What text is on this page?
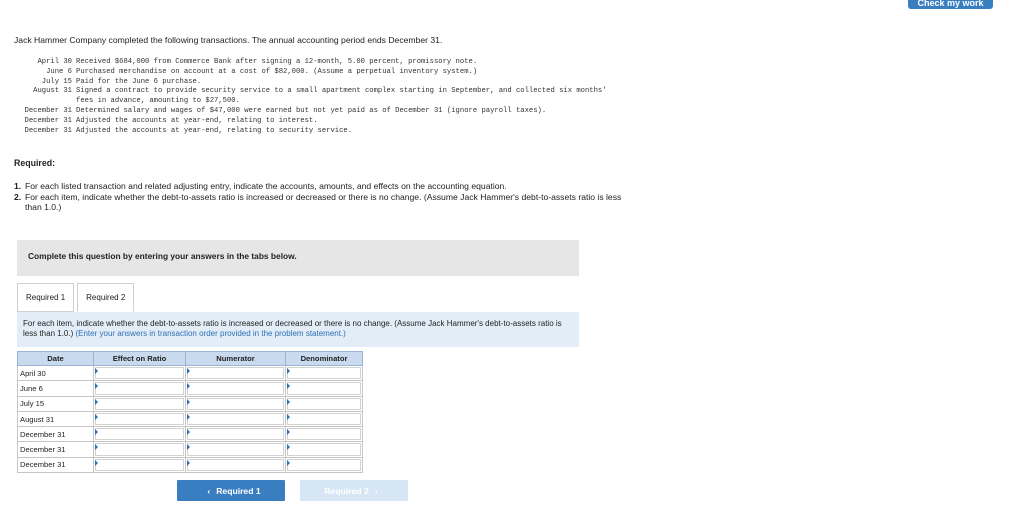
Check my work
Jack Hammer Company completed the following transactions. The annual accounting period ends December 31.
April 30 Received $684,000 from Commerce Bank after signing a 12-month, 5.00 percent, promissory note.
June 6 Purchased merchandise on account at a cost of $82,000. (Assume a perpetual inventory system.)
July 15 Paid for the June 6 purchase.
August 31 Signed a contract to provide security service to a small apartment complex starting in September, and collected six months' fees in advance, amounting to $27,500.
December 31 Determined salary and wages of $47,000 were earned but not yet paid as of December 31 (ignore payroll taxes).
December 31 Adjusted the accounts at year-end, relating to interest.
December 31 Adjusted the accounts at year-end, relating to security service.
Required:
1. For each listed transaction and related adjusting entry, indicate the accounts, amounts, and effects on the accounting equation.
2. For each item, indicate whether the debt-to-assets ratio is increased or decreased or there is no change. (Assume Jack Hammer's debt-to-assets ratio is less than 1.0.)
Complete this question by entering your answers in the tabs below.
Required 1	Required 2
For each item, indicate whether the debt-to-assets ratio is increased or decreased or there is no change. (Assume Jack Hammer's debt-to-assets ratio is less than 1.0.) (Enter your answers in transaction order provided in the problem statement.)
Date	Effect on Ratio	Numerator	Denominator
April 30	

June 6	

July 15	

August 31	

December 31	

December 31	

December 31	

‹ Required 1	Required 2 ›
